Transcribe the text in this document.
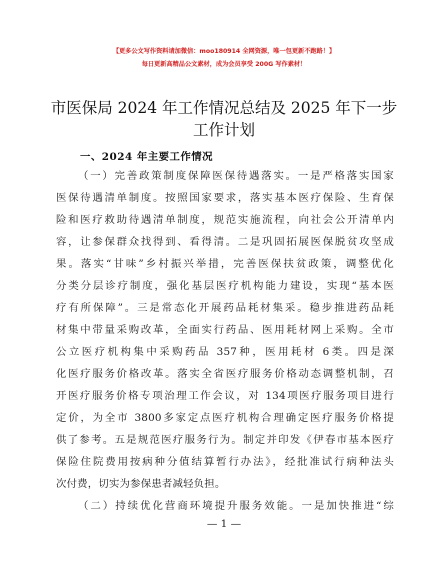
【更多公文写作资料请加微信：moo180914 全网资源，唯一包更新不跑路！】
每日更新高精品公文素材，成为会员享受 200G 写作素材！
市医保局 2024 年工作情况总结及 2025 年下一步
工作计划
一、2024 年主要工作情况
（一）完善政策制度保障医保待遇落实。一是严格落实国家
医保待遇清单制度。按照国家要求，落实基本医疗保险、生育保
险和医疗救助待遇清单制度，规范实施流程，向社会公开清单内
容，让参保群众找得到、看得清。二是巩固拓展医保脱贫攻坚成
果。落实“甘味”乡村振兴举措，完善医保扶贫政策，调整优化
分类分层诊疗制度，强化基层医疗机构能力建设，实现“基本医
疗有所保障”。三是常态化开展药品耗材集采。稳步推进药品耗
材集中带量采购改革，全面实行药品、医用耗材网上采购。全市
公立医疗机构集中采购药品 357种，医用耗材 6类。四是深
化医疗服务价格改革。落实全省医疗服务价格动态调整机制，召
开医疗服务价格专项治理工作会议，对 134项医疗服务项目进行
定价，为全市 3800多家定点医疗机构合理确定医疗服务价格提
供了参考。五是规范医疗服务行为。制定并印发《伊春市基本医疗
保险住院费用按病种分值结算暂行办法》，经批准试行病种法头
次付费，切实为参保患者减轻负担。
（二）持续优化营商环境提升服务效能。一是加快推进“综
— 1 —
